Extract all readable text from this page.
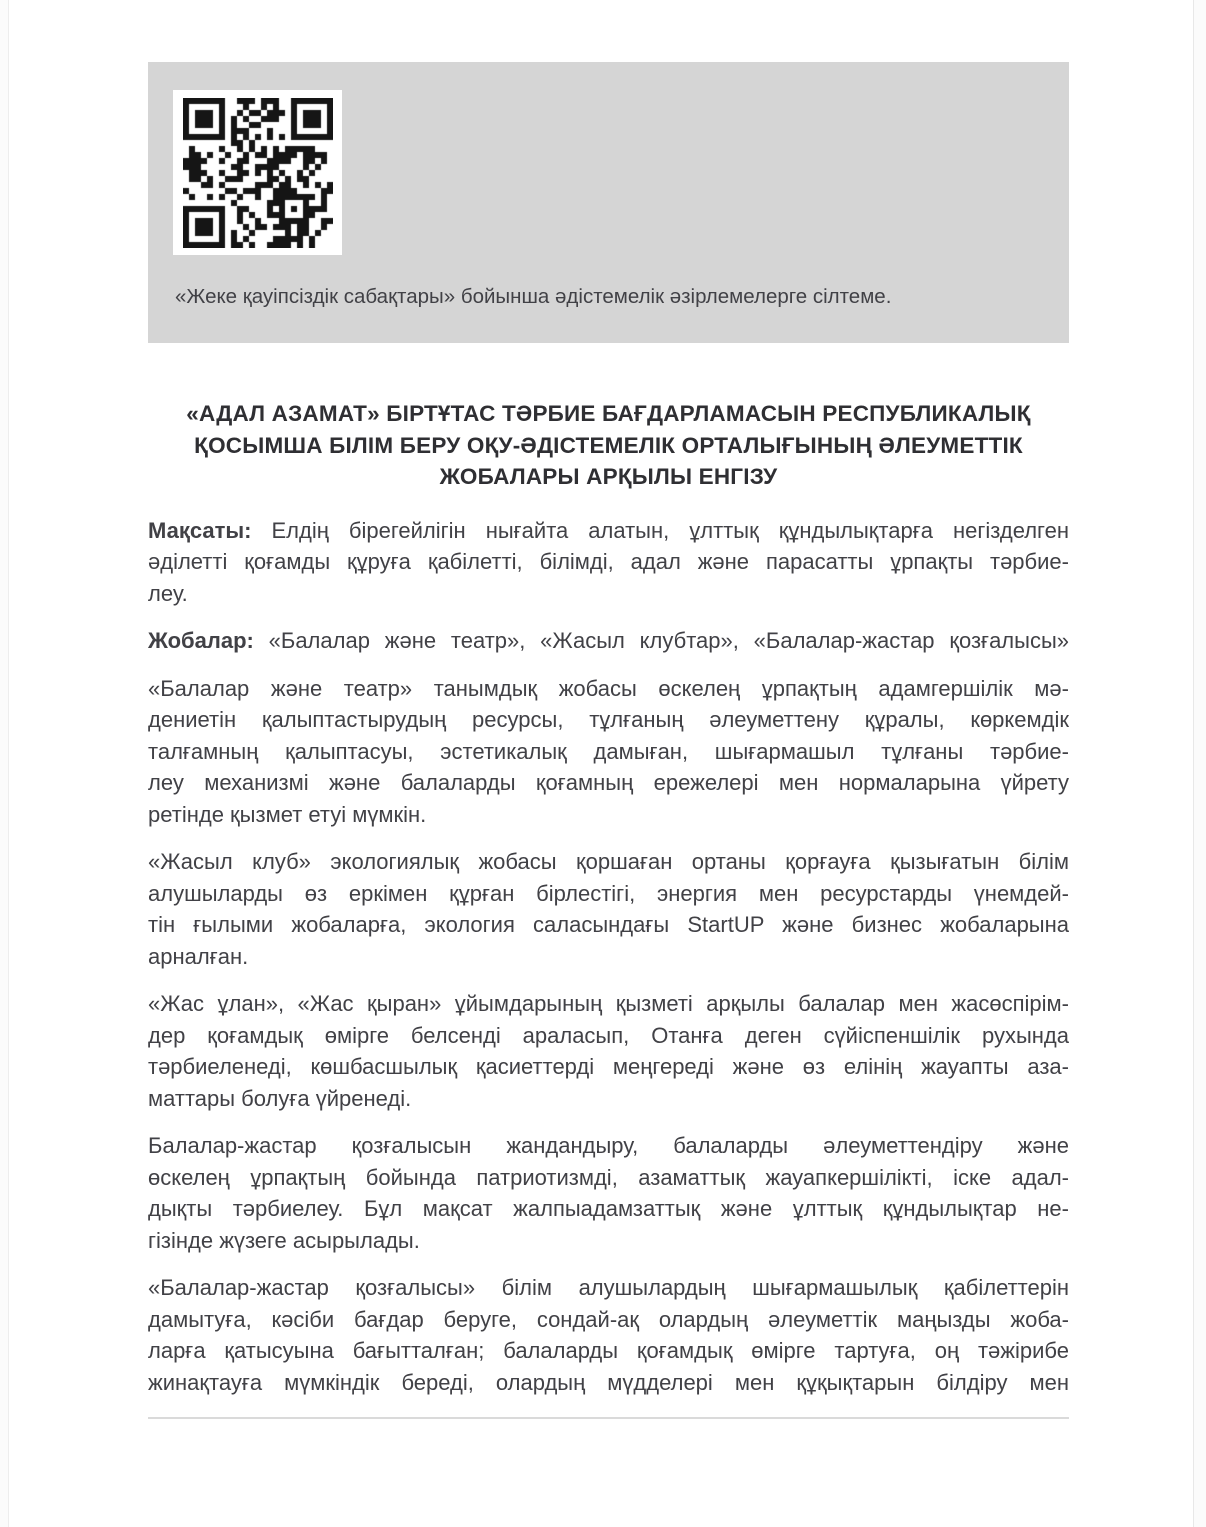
«Жеке қауіпсіздік сабақтары» бойынша әдістемелік әзірлемелерге сілтеме.
«АДАЛ АЗАМАТ» БІРТҰТАС ТӘРБИЕ БАҒДАРЛАМАСЫН РЕСПУБЛИКАЛЫҚ
ҚОСЫМША БІЛІМ БЕРУ ОҚУ-ӘДІСТЕМЕЛІК ОРТАЛЫҒЫНЫҢ ӘЛЕУМЕТТІК
ЖОБАЛАРЫ АРҚЫЛЫ ЕНГІЗУ
Мақсаты: Елдің бірегейлігін нығайта алатын, ұлттық құндылықтарға негізделген
әділетті қоғамды құруға қабілетті, білімді, адал және парасатты ұрпақты тәрбие-
леу.
Жобалар: «Балалар және театр», «Жасыл клубтар», «Балалар-жастар қозғалысы»
«Балалар және театр» танымдық жобасы өскелең ұрпақтың адамгершілік мә-
дениетін қалыптастырудың ресурсы, тұлғаның әлеуметтену құралы, көркемдік
талғамның қалыптасуы, эстетикалық дамыған, шығармашыл тұлғаны тәрбие-
леу механизмі және балаларды қоғамның ережелері мен нормаларына үйрету
ретінде қызмет етуі мүмкін.
«Жасыл клуб» экологиялық жобасы қоршаған ортаны қорғауға қызығатын білім
алушыларды өз еркімен құрған бірлестігі, энергия мен ресурстарды үнемдей-
тін ғылыми жобаларға, экология саласындағы StartUP және бизнес жобаларына
арналған.
«Жас ұлан», «Жас қыран» ұйымдарының қызметі арқылы балалар мен жасөспірім-
дер қоғамдық өмірге белсенді араласып, Отанға деген сүйіспеншілік рухында
тәрбиеленеді, көшбасшылық қасиеттерді меңгереді және өз елінің жауапты аза-
маттары болуға үйренеді.
Балалар-жастар қозғалысын жандандыру, балаларды әлеуметтендіру және
өскелең ұрпақтың бойында патриотизмді, азаматтық жауапкершілікті, іске адал-
дықты тәрбиелеу. Бұл мақсат жалпыадамзаттық және ұлттық құндылықтар не-
гізінде жүзеге асырылады.
«Балалар-жастар қозғалысы» білім алушылардың шығармашылық қабілеттерін
дамытуға, кәсіби бағдар беруге, сондай-ақ олардың әлеуметтік маңызды жоба-
ларға қатысуына бағытталған; балаларды қоғамдық өмірге тартуға, оң тәжірибе
жинақтауға мүмкіндік береді, олардың мүдделері мен құқықтарын білдіру мен
